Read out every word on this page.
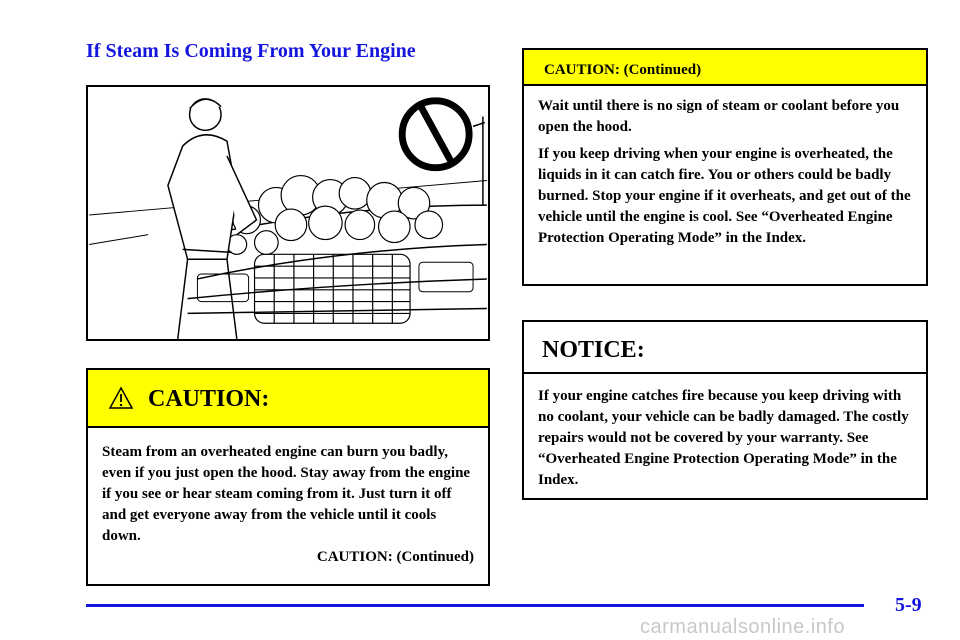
If Steam Is Coming From Your Engine
CAUTION:
Steam from an overheated engine can burn you badly, even if you just open the hood. Stay away from the engine if you see or hear steam coming from it. Just turn it off and get everyone away from the vehicle until it cools down.
CAUTION: (Continued)
CAUTION: (Continued)

Wait until there is no sign of steam or coolant before you open the hood.

If you keep driving when your engine is overheated, the liquids in it can catch fire. You or others could be badly burned. Stop your engine if it overheats, and get out of the vehicle until the engine is cool. See “Overheated Engine Protection Operating Mode” in the Index.

NOTICE:
If your engine catches fire because you keep driving with no coolant, your vehicle can be badly damaged. The costly repairs would not be covered by your warranty. See “Overheated Engine Protection Operating Mode” in the Index.
5-9
carmanualsonline.info
